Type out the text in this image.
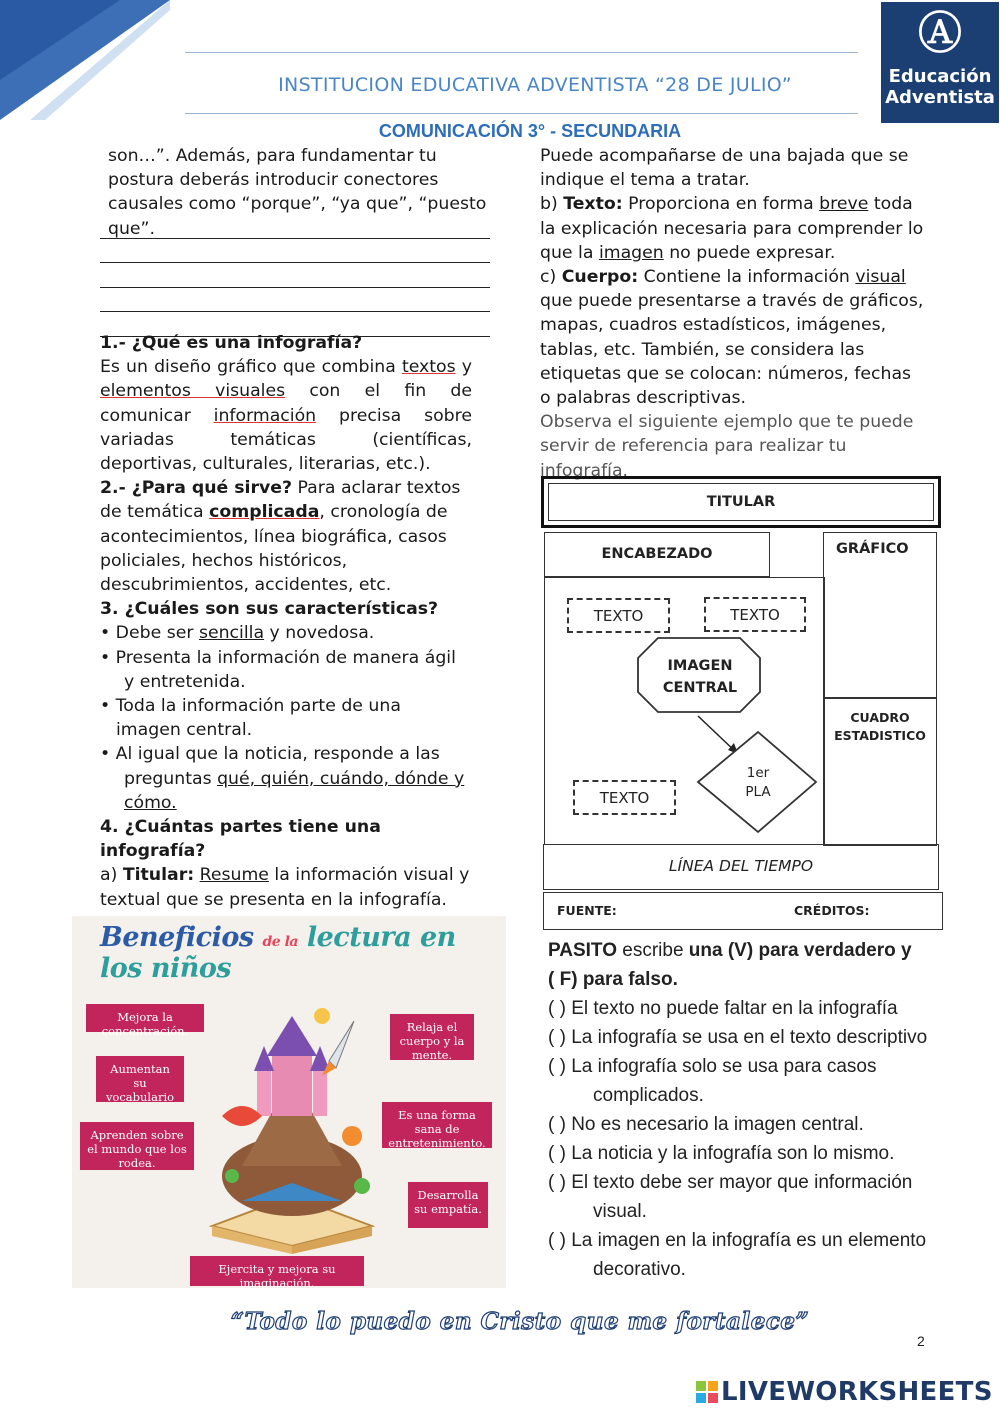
INSTITUCION EDUCATIVA ADVENTISTA “28 DE JULIO”
Ⓐ
Educación
Adventista
COMUNICACIÓN 3° - SECUNDARIA

son…”. Además, para fundamentar tu postura deberás introducir conectores causales como “porque”, “ya que”, “puesto que”.

1.- ¿Qué es una infografía?

Es un diseño gráfico que combina textos y elementos visuales con el fin de comunicar información precisa sobre variadas temáticas (científicas, deportivas, culturales, literarias, etc.).

2.- ¿Para qué sirve? Para aclarar textos de temática complicada, cronología de acontecimientos, línea biográfica, casos policiales, hechos históricos, descubrimientos, accidentes, etc.

3. ¿Cuáles son sus características?

• Debe ser sencilla y novedosa.

• Presenta la información de manera ágil

y entretenida.

• Toda la información parte de una

imagen central.

• Al igual que la noticia, responde a las

preguntas qué, quién, cuándo, dónde y

cómo.

4. ¿Cuántas partes tiene una

infografía?

a) Titular: Resume la información visual y textual que se presenta en la infografía.

Beneficios de la lectura en los niños
Mejora la concentración.
Aumentan su vocabulario
Aprenden sobre el mundo que los rodea.
Relaja el cuerpo y la mente.
Es una forma sana de entretenimiento.
Desarrolla su empatía.
Ejercita y mejora su imaginación.

Puede acompañarse de una bajada que se indique el tema a tratar.

b) Texto: Proporciona en forma breve toda la explicación necesaria para comprender lo que la imagen no puede expresar.

c) Cuerpo: Contiene la información visual que puede presentarse a través de gráficos, mapas, cuadros estadísticos, imágenes, tablas, etc. También, se considera las etiquetas que se colocan: números, fechas o palabras descriptivas.

Observa el siguiente ejemplo que te puede servir de referencia para realizar tu infografía.

TITULAR
ENCABEZADO	GRÁFICO
CUADRO
ESTADISTICO
TEXTO	TEXTO
TEXTO
IMAGEN
CENTRAL
1er
PLA
LÍNEA DEL TIEMPO
FUENTE:	CRÉDITOS:

PASITO escribe una (V) para verdadero y

( F) para falso.

( ) El texto no puede faltar en la infografía

( ) La infografía se usa en el texto descriptivo

( ) La infografía solo se usa para casos

complicados.

( ) No es necesario la imagen central.

( ) La noticia y la infografía son lo mismo.

( ) El texto debe ser mayor que información

visual.

( ) La imagen en la infografía es un elemento

decorativo.

“Todo lo puedo en Cristo que me fortalece”
2
LIVEWORKSHEETS
